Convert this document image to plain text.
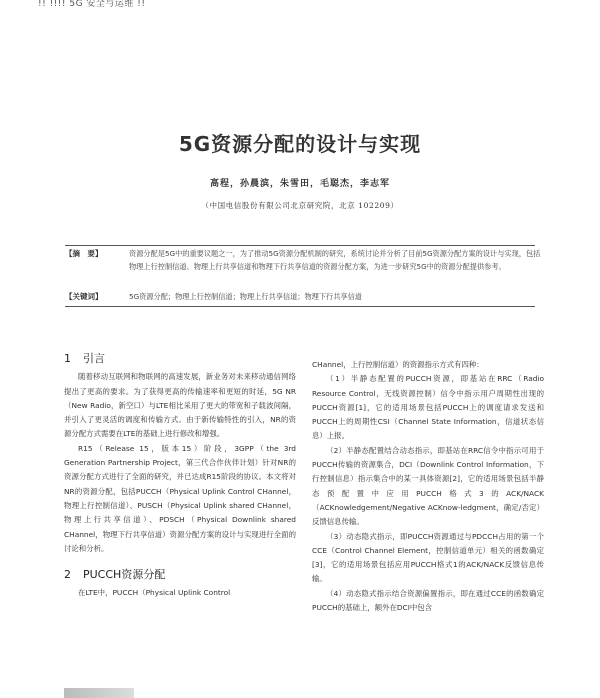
!! !!!! 5G 安全与运维 !!
5G资源分配的设计与实现
高程，孙晨滨，朱雪田，毛聪杰，李志军
（中国电信股份有限公司北京研究院，北京 102209）
【摘　要】	资源分配是5G中的重要议题之一，为了推动5G资源分配机制的研究，系统讨论并分析了目前5G资源分配方案的设计与实现，包括物理上行控制信道、物理上行共享信道和物理下行共享信道的资源分配方案，为进一步研究5G中的资源分配提供参考。
【关键词】	5G资源分配；物理上行控制信道；物理上行共享信道；物理下行共享信道
1 引言

随着移动互联网和物联网的高速发展，新业务对未来移动通信网络提出了更高的要求。为了获得更高的传输速率和更短的时延，5G NR（New Radio，新空口）与LTE相比采用了更大的带宽和子载波间隔，并引入了更灵活的调度和传输方式。由于新传输特性的引入，NR的资源分配方式需要在LTE的基础上进行修改和增强。

R15（Release 15，版本15）阶段，3GPP（the 3rd Generation Partnership Project，第三代合作伙伴计划）针对NR的资源分配方式进行了全面的研究，并已达成R15阶段的协议。本文将对NR的资源分配，包括PUCCH（Physical Uplink Control CHannel，物理上行控制信道）、PUSCH（Physical Uplink shared CHannel，物理上行共享信道）、PDSCH（Physical Downlink shared CHannel，物理下行共享信道）资源分配方案的设计与实现进行全面的讨论和分析。

2 PUCCH资源分配

在LTE中，PUCCH（Physical Uplink Control

CHannel，上行控制信道）的资源指示方式有四种：

（1）半静态配置的PUCCH资源，即基站在RRC（Radio Resource Control，无线资源控制）信令中指示用户周期性出现的PUCCH资源[1]，它的适用场景包括PUCCH上的调度请求发送和PUCCH上的周期性CSI（Channel State Information，信道状态信息）上报。

（2）半静态配置结合动态指示，即基站在RRC信令中指示可用于PUCCH传输的资源集合，DCI（Downlink Control Information，下行控制信息）指示集合中的某一具体资源[2]，它的适用场景包括半静态预配置中应用PUCCH格式3的ACK/NACK（ACKnowledgement/Negative ACKnow-ledgment，确定/否定）反馈信息传输。

（3）动态隐式指示，即PUCCH资源通过与PDCCH占用的第一个CCE（Control Channel Element，控制信道单元）相关的函数确定[3]，它的适用场景包括应用PUCCH格式1的ACK/NACK反馈信息传输。

（4）动态隐式指示结合资源偏置指示，即在通过CCE的函数确定PUCCH的基础上，额外在DCI中包含
